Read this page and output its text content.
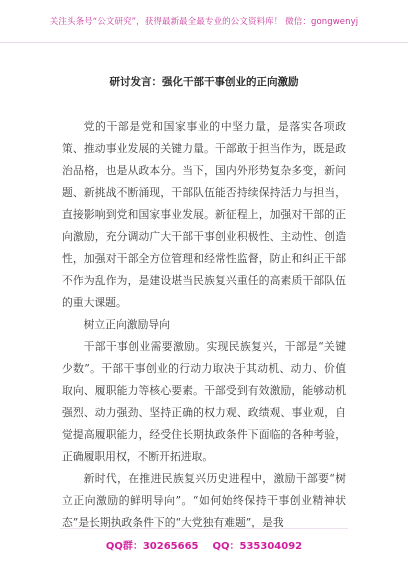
关注头条号“公文研究”，获得最新最全最专业的公文资料库！ 微信：gongwenyj
研讨发言：强化干部干事创业的正向激励

党的干部是党和国家事业的中坚力量，是落实各项政策、推动事业发展的关键力量。干部敢于担当作为，既是政治品格，也是从政本分。当下，国内外形势复杂多变，新问题、新挑战不断涌现，干部队伍能否持续保持活力与担当，直接影响到党和国家事业发展。新征程上，加强对干部的正向激励，充分调动广大干部干事创业积极性、主动性、创造性，加强对干部全方位管理和经常性监督，防止和纠正干部不作为乱作为，是建设堪当民族复兴重任的高素质干部队伍的重大课题。

树立正向激励导向

干部干事创业需要激励。实现民族复兴，干部是“关键少数”。干部干事创业的行动力取决于其动机、动力、价值取向、履职能力等核心要素。干部受到有效激励，能够动机强烈、动力强劲、坚持正确的权力观、政绩观、事业观，自觉提高履职能力，经受住长期执政条件下面临的各种考验，正确履职用权，不断开拓进取。

新时代，在推进民族复兴历史进程中，激励干部要“树立正向激励的鲜明导向”。“如何始终保持干事创业精神状态”是长期执政条件下的“大党独有难题”，是我

QQ群：30265665 QQ：535304092
